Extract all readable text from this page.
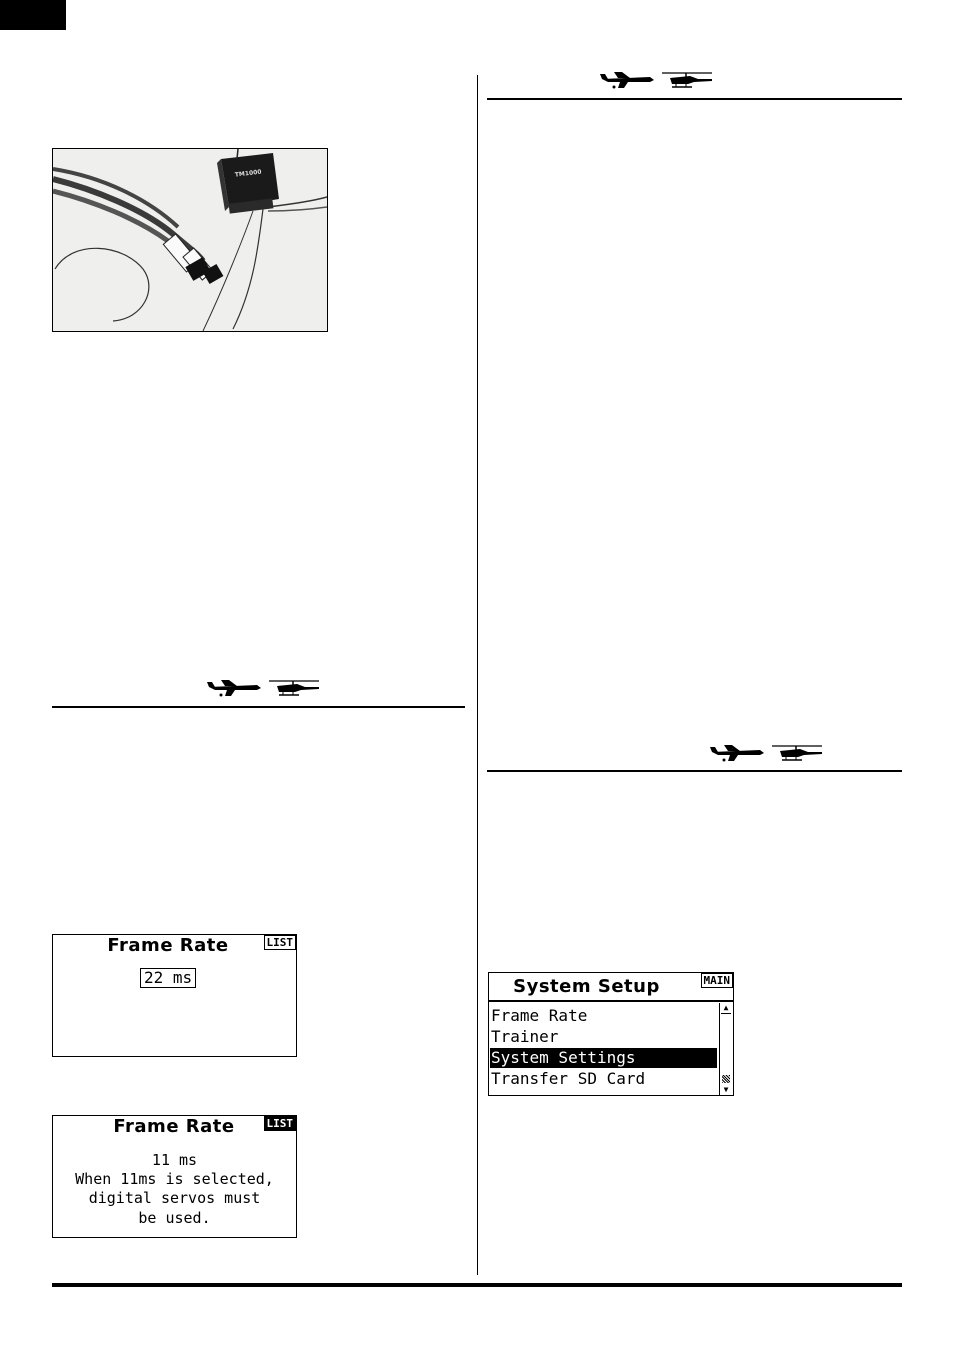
TM1000
Frame Rate	LIST
22 ms
Frame Rate	LIST
11 ms
When 11ms is selected,
digital servos must
be used.
System Setup	MAIN
Frame Rate
Trainer
System Settings
Transfer SD Card
▲
▼
